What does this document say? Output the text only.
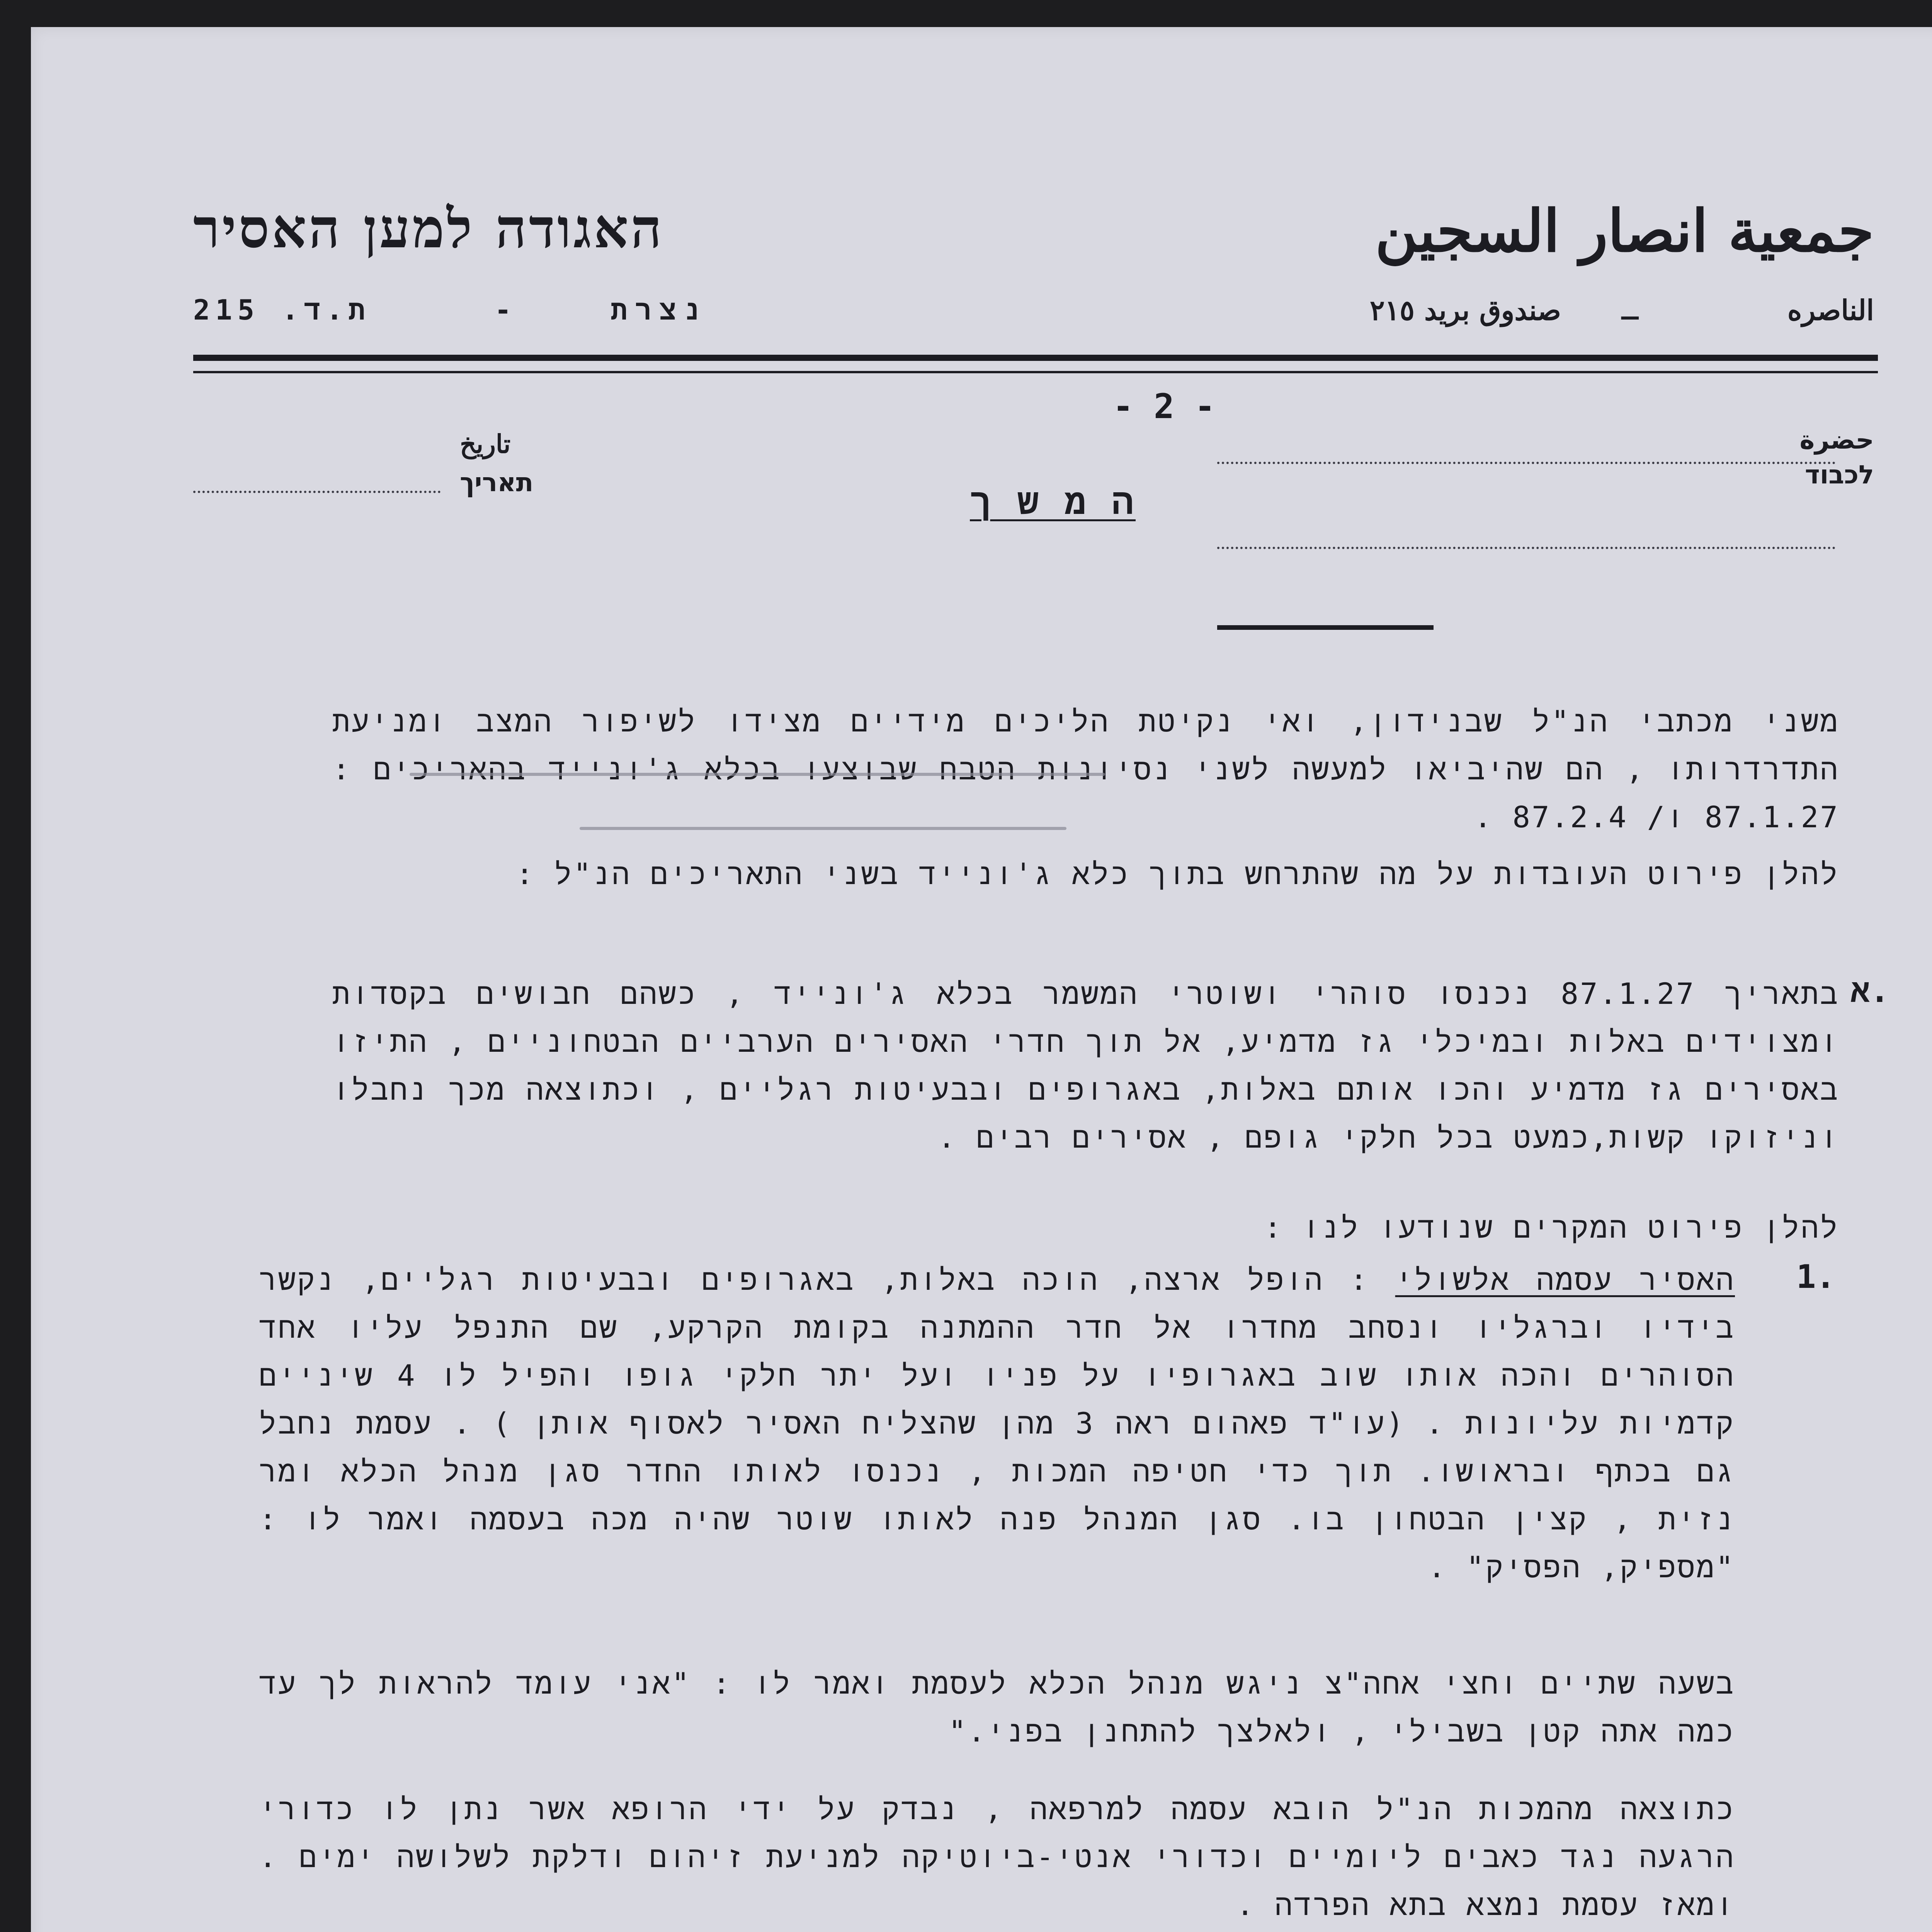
جمعية انصار السجين
האגודה למען האסיר
الناصره
ـ
صندوق بريد ٢١٥
נצרת
-
ת.ד. 215
- 2 -
حضرة
לכבוד
تاريخ
תאריך	ה מ ש ך
משני מכתבי הנ"ל שבנידון, ואי נקיטת הליכים מידיים מצידו לשיפור המצב ומניעת התדרדרותו , הם שהיביאו למעשה לשני נסיונות הטבח שבוצעו בכלא ג'ונייד בהאריכים : 87.1.27 ו/ 87.2.4 .
להלן פירוט העובדות על מה שהתרחש בתוך כלא ג'ונייד בשני התאריכים הנ"ל :
א.
בתאריך 87.1.27 נכנסו סוהרי ושוטרי המשמר בכלא ג'ונייד , כשהם חבושים בקסדות ומצוידים באלות ובמיכלי גז מדמיע, אל תוך חדרי האסירים הערביים הבטחוניים , התיזו באסירים גז מדמיע והכו אותם באלות, באגרופים ובבעיטות רגליים , וכתוצאה מכך נחבלו וניזוקו קשות,כמעט בכל חלקי גופם , אסירים רבים .
להלן פירוט המקרים שנודעו לנו :
1.
האסיר עסמה אלשולי : הופל ארצה, הוכה באלות, באגרופים ובבעיטות רגליים, נקשר בידיו וברגליו ונסחב מחדרו אל חדר ההמתנה בקומת הקרקע, שם התנפל עליו אחד הסוהרים והכה אותו שוב באגרופיו על פניו ועל יתר חלקי גופו והפיל לו 4 שיניים קדמיות עליונות . (עו"ד פאהום ראה 3 מהן שהצליח האסיר לאסוף אותן ) . עסמת נחבל גם בכתף ובראושו. תוך כדי חטיפה המכות , נכנסו לאותו החדר סגן מנהל הכלא ומר נזית , קצין הבטחון בו. סגן המנהל פנה לאותו שוטר שהיה מכה בעסמה ואמר לו : "מספיק, הפסיק" .
בשעה שתיים וחצי אחה"צ ניגש מנהל הכלא לעסמת ואמר לו : "אני עומד להראות לך עד כמה אתה קטן בשבילי , ולאלצך להתחנן בפני."
כתוצאה מהמכות הנ"ל הובא עסמה למרפאה , נבדק על ידי הרופא אשר נתן לו כדורי הרגעה נגד כאבים ליומיים וכדורי אנטי-ביוטיקה למניעת זיהום ודלקת לשלושה ימים . ומאז עסמת נמצא בתא הפרדה .
